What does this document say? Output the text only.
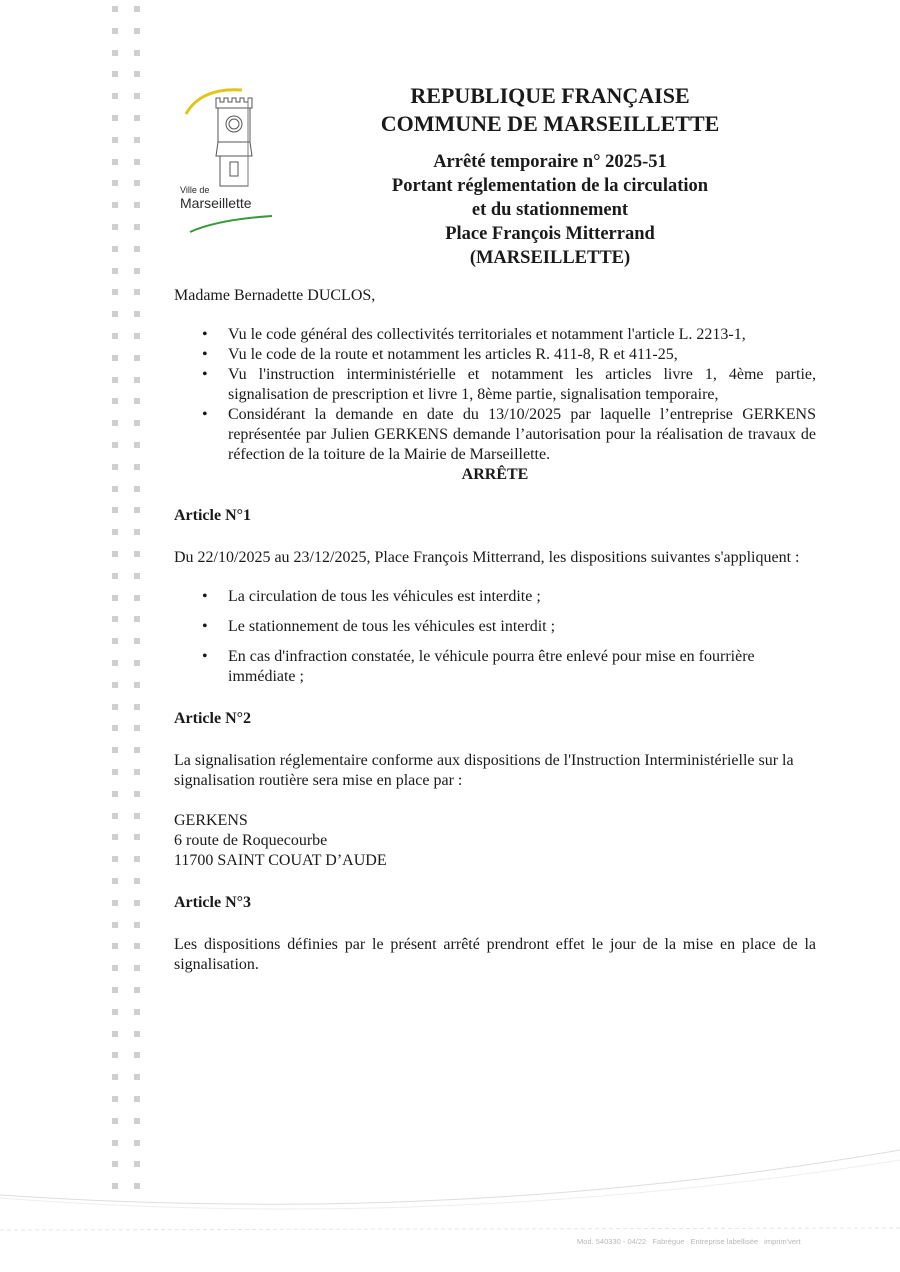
Ville de
Marseillette
REPUBLIQUE FRANÇAISE
COMMUNE DE MARSEILLETTE
Arrêté temporaire n° 2025-51
Portant réglementation de la circulation
et du stationnement
Place François Mitterrand
(MARSEILLETTE)

Madame Bernadette DUCLOS,

• Vu le code général des collectivités territoriales et notamment l'article L. 2213-1,
• Vu le code de la route et notamment les articles R. 411-8, R et 411-25,
• Vu l'instruction interministérielle et notamment les articles livre 1, 4ème partie, signalisation de prescription et livre 1, 8ème partie, signalisation temporaire,
• Considérant la demande en date du 13/10/2025 par laquelle l’entreprise GERKENS représentée par Julien GERKENS demande l’autorisation pour la réalisation de travaux de réfection de la toiture de la Mairie de Marseillette.

ARRÊTE

Article N°1

Du 22/10/2025 au 23/12/2025, Place François Mitterrand, les dispositions suivantes s'appliquent :

• La circulation de tous les véhicules est interdite ;
• Le stationnement de tous les véhicules est interdit ;
• En cas d'infraction constatée, le véhicule pourra être enlevé pour mise en fourrière immédiate ;

Article N°2

La signalisation réglementaire conforme aux dispositions de l'Instruction Interministérielle sur la signalisation routière sera mise en place par :

GERKENS

6 route de Roquecourbe

11700 SAINT COUAT D’AUDE

Article N°3

Les dispositions définies par le présent arrêté prendront effet le jour de la mise en place de la signalisation.

Mod. 540330 - 04/22 Fabrègue Entreprise labellisée imprim'vert
